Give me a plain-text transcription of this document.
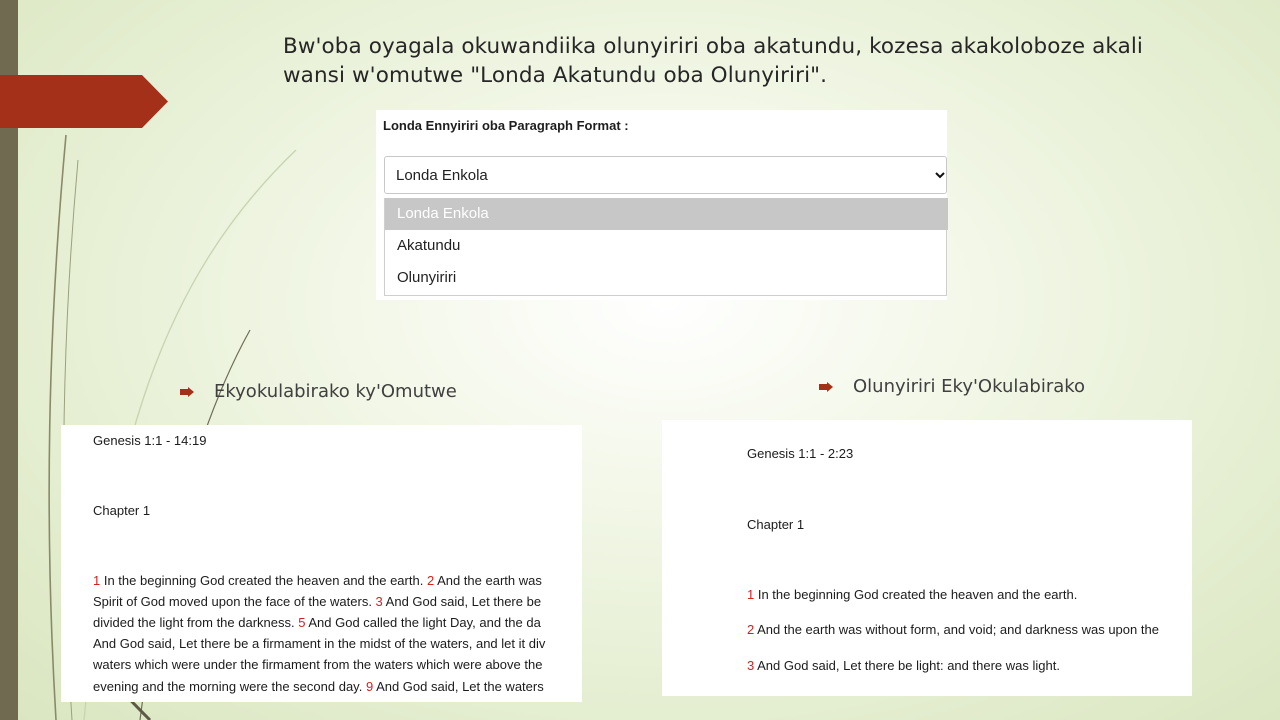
Bw'oba oyagala okuwandiika olunyiriri oba akatundu, kozesa akakoloboze akali wansi w'omutwe "Londa Akatundu oba Olunyiriri".
Londa Ennyiriri oba Paragraph Format :
Londa Enkola
Londa Enkola
Akatundu
Olunyiriri
Ekyokulabirako ky'Omutwe	Olunyiriri Eky'Okulabirako
Genesis 1:1 - 14:19
Chapter 1
1 In the beginning God created the heaven and the earth. 2 And the earth was
Spirit of God moved upon the face of the waters. 3 And God said, Let there be
divided the light from the darkness. 5 And God called the light Day, and the da
And God said, Let there be a firmament in the midst of the waters, and let it div
waters which were under the firmament from the waters which were above the
evening and the morning were the second day. 9 And God said, Let the waters
Genesis 1:1 - 2:23
Chapter 1
1 In the beginning God created the heaven and the earth.
2 And the earth was without form, and void; and darkness was upon the
3 And God said, Let there be light: and there was light.
